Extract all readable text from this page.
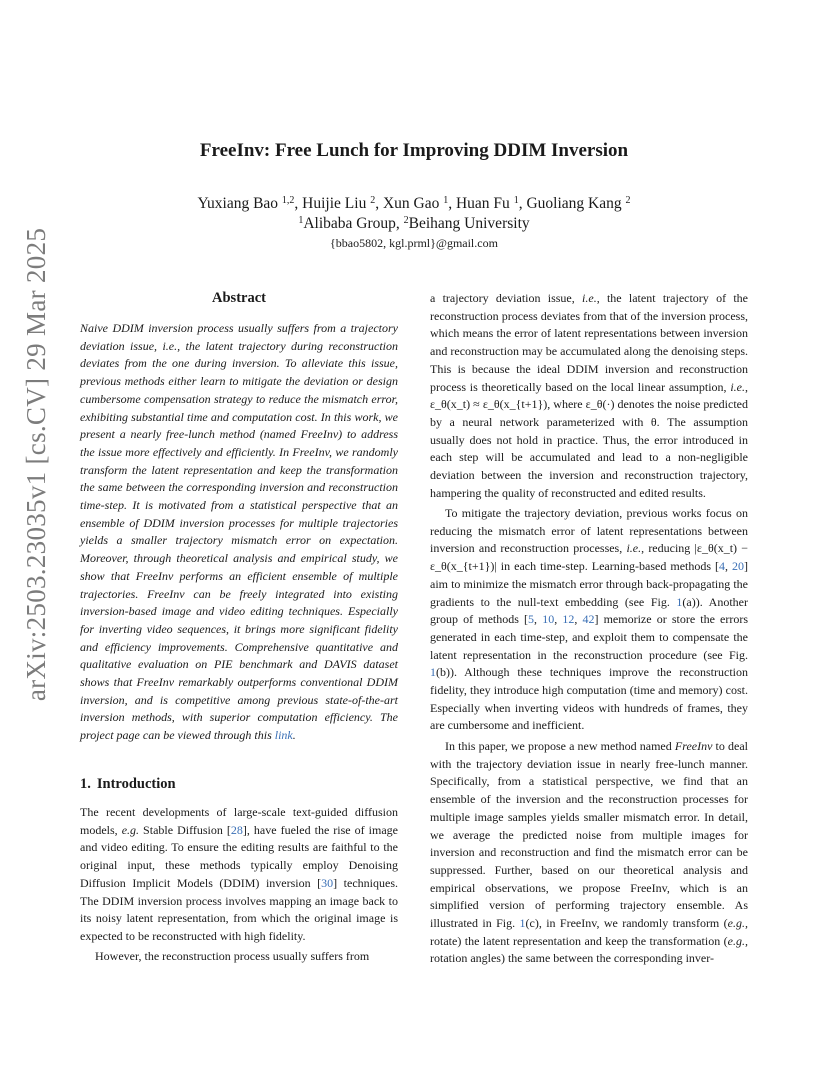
arXiv:2503.23035v1 [cs.CV] 29 Mar 2025
FreeInv: Free Lunch for Improving DDIM Inversion
Yuxiang Bao $^{1,2}$, Huijie Liu $^2$, Xun Gao $^1$, Huan Fu $^1$, Guoliang Kang $^2$
$^1$Alibaba Group, $^2$Beihang University
{bbao5802, kgl.prml}@gmail.com
Abstract

Naive DDIM inversion process usually suffers from a trajectory deviation issue, i.e., the latent trajectory during reconstruction deviates from the one during inversion. To alleviate this issue, previous methods either learn to mitigate the deviation or design cumbersome compensation strategy to reduce the mismatch error, exhibiting substantial time and computation cost. In this work, we present a nearly free-lunch method (named FreeInv) to address the issue more effectively and efficiently. In FreeInv, we randomly transform the latent representation and keep the transformation the same between the corresponding inversion and reconstruction time-step. It is motivated from a statistical perspective that an ensemble of DDIM inversion processes for multiple trajectories yields a smaller trajectory mismatch error on expectation. Moreover, through theoretical analysis and empirical study, we show that FreeInv performs an efficient ensemble of multiple trajectories. FreeInv can be freely integrated into existing inversion-based image and video editing techniques. Especially for inverting video sequences, it brings more significant fidelity and efficiency improvements. Comprehensive quantitative and qualitative evaluation on PIE benchmark and DAVIS dataset shows that FreeInv remarkably outperforms conventional DDIM inversion, and is competitive among previous state-of-the-art inversion methods, with superior computation efficiency. The project page can be viewed through this link.

1. Introduction

The recent developments of large-scale text-guided diffusion models, e.g. Stable Diffusion [28], have fueled the rise of image and video editing. To ensure the editing results are faithful to the original input, these methods typically employ Denoising Diffusion Implicit Models (DDIM) inversion [30] techniques. The DDIM inversion process involves mapping an image back to its noisy latent representation, from which the original image is expected to be reconstructed with high fidelity.

However, the reconstruction process usually suffers from

a trajectory deviation issue, i.e., the latent trajectory of the reconstruction process deviates from that of the inversion process, which means the error of latent representations between inversion and reconstruction may be accumulated along the denoising steps. This is because the ideal DDIM inversion and reconstruction process is theoretically based on the local linear assumption, i.e., ε_θ(x_t) ≈ ε_θ(x_{t+1}), where ε_θ(·) denotes the noise predicted by a neural network parameterized with θ. The assumption usually does not hold in practice. Thus, the error introduced in each step will be accumulated and lead to a non-negligible deviation between the inversion and reconstruction trajectory, hampering the quality of reconstructed and edited results.

To mitigate the trajectory deviation, previous works focus on reducing the mismatch error of latent representations between inversion and reconstruction processes, i.e., reducing |ε_θ(x_t) − ε_θ(x_{t+1})| in each time-step. Learning-based methods [4, 20] aim to minimize the mismatch error through back-propagating the gradients to the null-text embedding (see Fig. 1(a)). Another group of methods [5, 10, 12, 42] memorize or store the errors generated in each time-step, and exploit them to compensate the latent representation in the reconstruction procedure (see Fig. 1(b)). Although these techniques improve the reconstruction fidelity, they introduce high computation (time and memory) cost. Especially when inverting videos with hundreds of frames, they are cumbersome and inefficient.

In this paper, we propose a new method named FreeInv to deal with the trajectory deviation issue in nearly free-lunch manner. Specifically, from a statistical perspective, we find that an ensemble of the inversion and the reconstruction processes for multiple image samples yields smaller mismatch error. In detail, we average the predicted noise from multiple images for inversion and reconstruction and find the mismatch error can be suppressed. Further, based on our theoretical analysis and empirical observations, we propose FreeInv, which is an simplified version of performing trajectory ensemble. As illustrated in Fig. 1(c), in FreeInv, we randomly transform (e.g., rotate) the latent representation and keep the transformation (e.g., rotation angles) the same between the corresponding inver-
